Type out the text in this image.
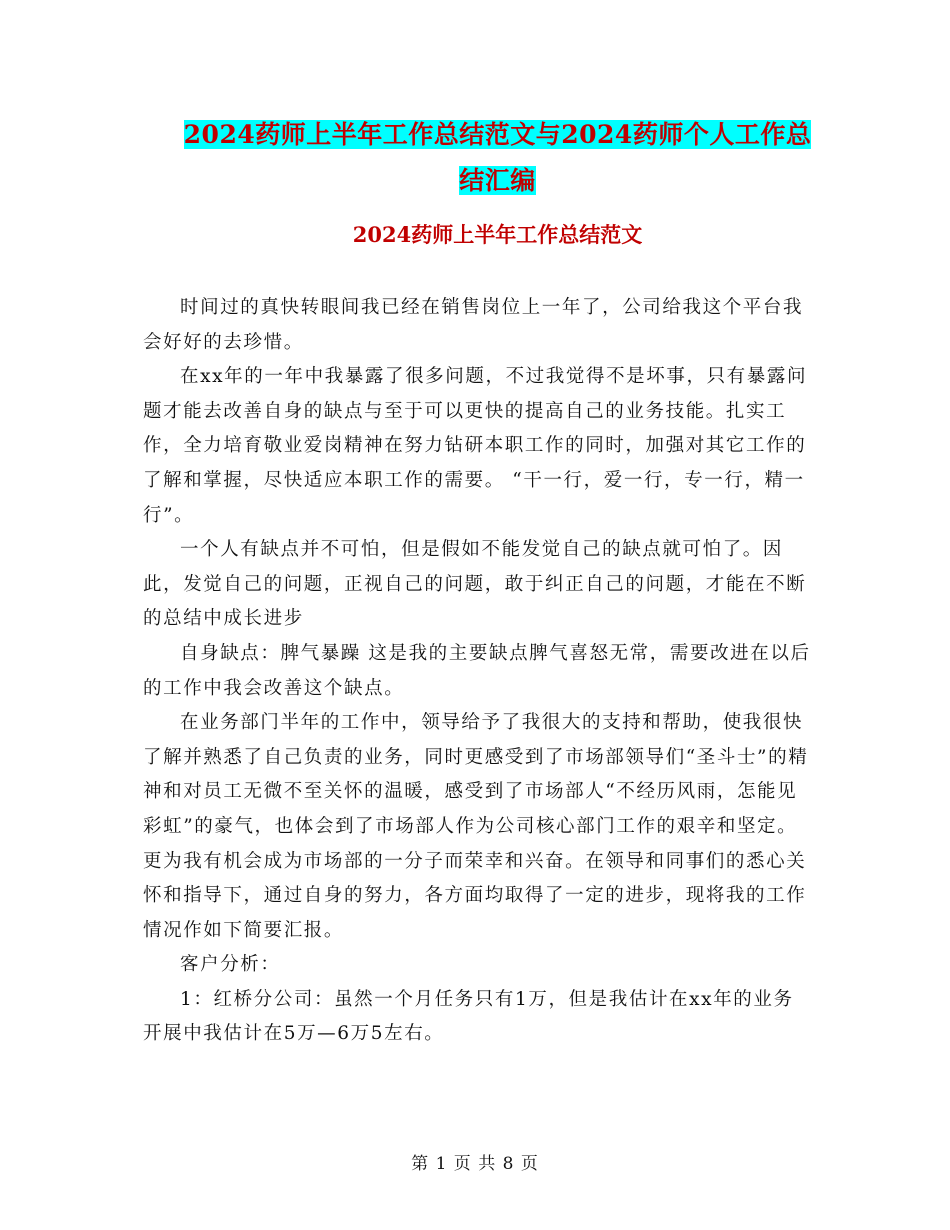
2024药师上半年工作总结范文与2024药师个人工作总
结汇编
2024药师上半年工作总结范文

时间过的真快转眼间我已经在销售岗位上一年了，公司给我这个平台我会好好的去珍惜。

在xx年的一年中我暴露了很多问题，不过我觉得不是坏事，只有暴露问题才能去改善自身的缺点与至于可以更快的提高自己的业务技能。扎实工作，全力培育敬业爱岗精神在努力钻研本职工作的同时，加强对其它工作的了解和掌握，尽快适应本职工作的需要。 “干一行，爱一行，专一行，精一行”。

一个人有缺点并不可怕，但是假如不能发觉自己的缺点就可怕了。因此，发觉自己的问题，正视自己的问题，敢于纠正自己的问题，才能在不断的总结中成长进步

自身缺点：脾气暴躁 这是我的主要缺点脾气喜怒无常，需要改进在以后的工作中我会改善这个缺点。

在业务部门半年的工作中，领导给予了我很大的支持和帮助，使我很快了解并熟悉了自己负责的业务，同时更感受到了市场部领导们“圣斗士”的精神和对员工无微不至关怀的温暖，感受到了市场部人“不经历风雨，怎能见彩虹”的豪气，也体会到了市场部人作为公司核心部门工作的艰辛和坚定。更为我有机会成为市场部的一分子而荣幸和兴奋。在领导和同事们的悉心关怀和指导下，通过自身的努力，各方面均取得了一定的进步，现将我的工作情况作如下简要汇报。

客户分析：

1：红桥分公司：虽然一个月任务只有1万，但是我估计在xx年的业务开展中我估计在5万—6万5左右。

第 1 页 共 8 页
